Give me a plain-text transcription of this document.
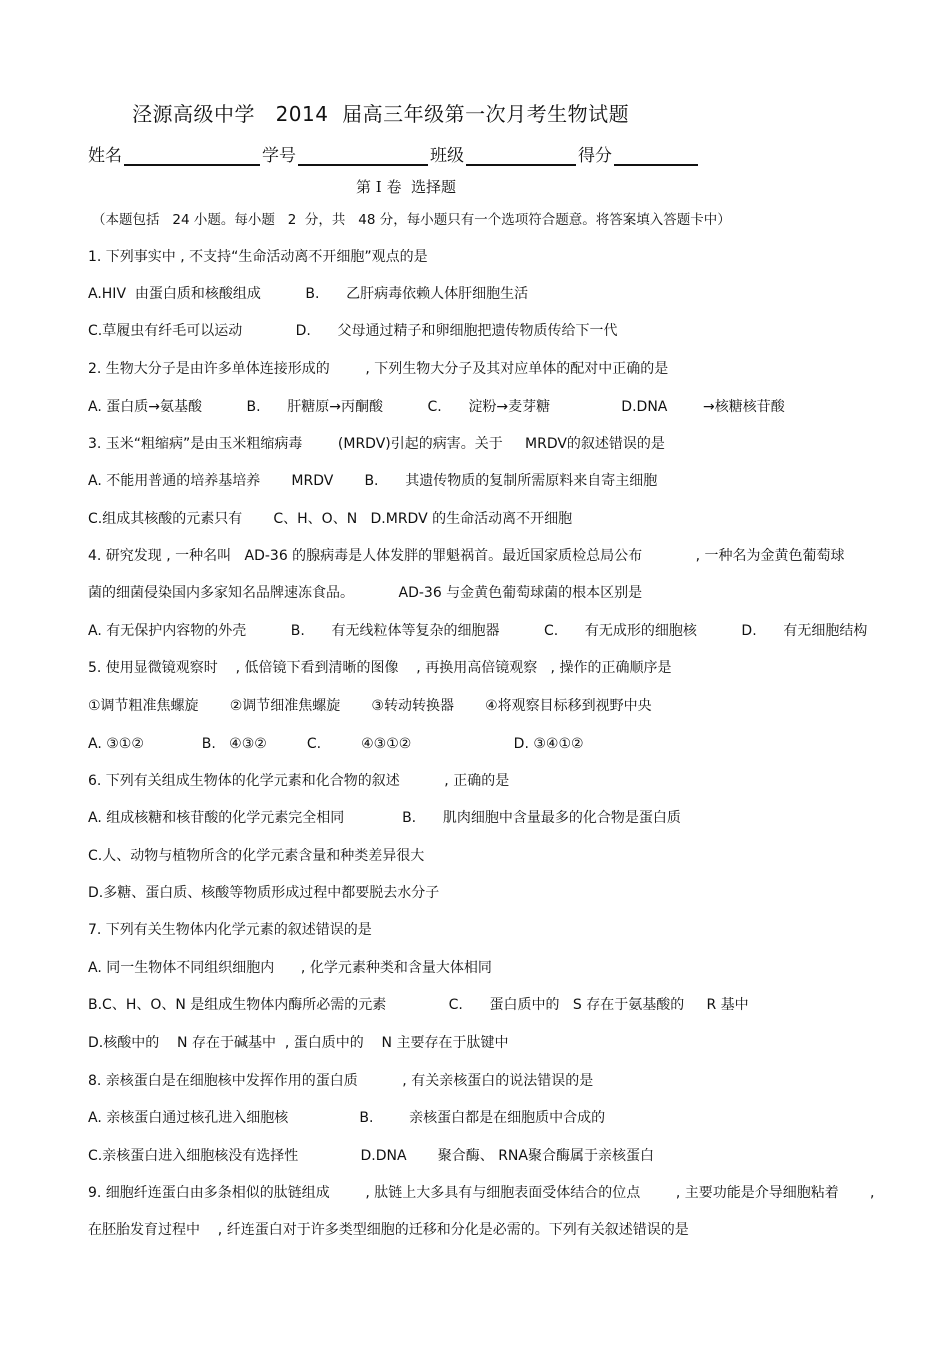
泾源高级中学   2014  届高三年级第一次月考生物试题
姓名	学号	班级	得分
第 I 卷  选择题
（本题包括   24 小题。每小题   2  分，共   48 分，每小题只有一个选项符合题意。将答案填入答题卡中）
1. 下列事实中 , 不支持“生命活动离不开细胞”观点的是
A.HIV  由蛋白质和核酸组成          B.      乙肝病毒依赖人体肝细胞生活
C.草履虫有纤毛可以运动            D.      父母通过精子和卵细胞把遗传物质传给下一代
2. 生物大分子是由许多单体连接形成的        , 下列生物大分子及其对应单体的配对中正确的是
A. 蛋白质→氨基酸          B.      肝糖原→丙酮酸          C.      淀粉→麦芽糖                D.DNA        →核糖核苷酸
3. 玉米“粗缩病”是由玉米粗缩病毒        (MRDV)引起的病害。关于     MRDV的叙述错误的是
A. 不能用普通的培养基培养       MRDV       B.      其遗传物质的复制所需原料来自寄主细胞
C.组成其核酸的元素只有       C、H、O、N   D.MRDV 的生命活动离不开细胞
4. 研究发现 , 一种名叫   AD-36 的腺病毒是人体发胖的罪魁祸首。最近国家质检总局公布            , 一种名为金黄色葡萄球
菌的细菌侵染国内多家知名品牌速冻食品。          AD-36 与金黄色葡萄球菌的根本区别是
A. 有无保护内容物的外壳          B.      有无线粒体等复杂的细胞器          C.      有无成形的细胞核          D.      有无细胞结构
5. 使用显微镜观察时    , 低倍镜下看到清晰的图像    , 再换用高倍镜观察   , 操作的正确顺序是
①调节粗准焦螺旋       ②调节细准焦螺旋       ③转动转换器       ④将观察目标移到视野中央
A. ③①②             B.   ④③②         C.         ④③①②                       D. ③④①②
6. 下列有关组成生物体的化学元素和化合物的叙述          , 正确的是
A. 组成核糖和核苷酸的化学元素完全相同             B.      肌肉细胞中含量最多的化合物是蛋白质
C.人、动物与植物所含的化学元素含量和种类差异很大
D.多糖、蛋白质、核酸等物质形成过程中都要脱去水分子
7. 下列有关生物体内化学元素的叙述错误的是
A. 同一生物体不同组织细胞内      , 化学元素种类和含量大体相同
B.C、H、O、N 是组成生物体内酶所必需的元素              C.      蛋白质中的   S 存在于氨基酸的     R 基中
D.核酸中的    N 存在于碱基中  , 蛋白质中的    N 主要存在于肽键中
8. 亲核蛋白是在细胞核中发挥作用的蛋白质          , 有关亲核蛋白的说法错误的是
A. 亲核蛋白通过核孔进入细胞核                B.        亲核蛋白都是在细胞质中合成的
C.亲核蛋白进入细胞核没有选择性              D.DNA       聚合酶、 RNA聚合酶属于亲核蛋白
9. 细胞纤连蛋白由多条相似的肽链组成        , 肽链上大多具有与细胞表面受体结合的位点        , 主要功能是介导细胞粘着       ,
在胚胎发育过程中    , 纤连蛋白对于许多类型细胞的迁移和分化是必需的。下列有关叙述错误的是
